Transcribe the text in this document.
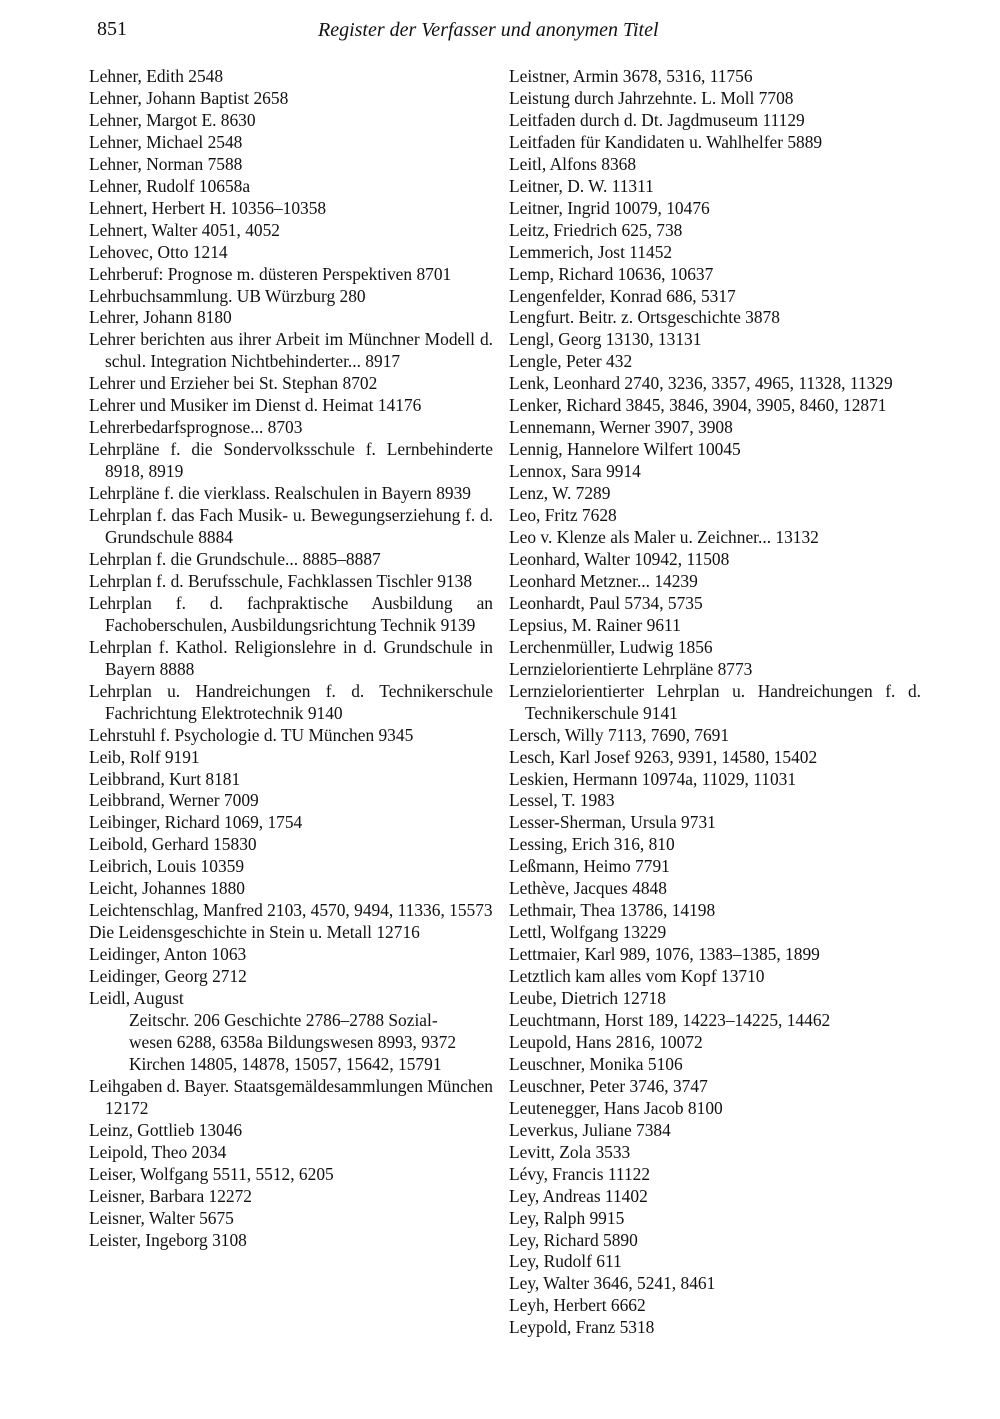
851	Register der Verfasser und anonymen Titel
Lehner, Edith 2548
Lehner, Johann Baptist 2658
Lehner, Margot E. 8630
Lehner, Michael 2548
Lehner, Norman 7588
Lehner, Rudolf 10658a
Lehnert, Herbert H. 10356–10358
Lehnert, Walter 4051, 4052
Lehovec, Otto 1214
Lehrberuf: Prognose m. düsteren Perspektiven 8701
Lehrbuchsammlung. UB Würzburg 280
Lehrer, Johann 8180
Lehrer berichten aus ihrer Arbeit im Münchner Modell d. schul. Integration Nichtbehinderter... 8917
Lehrer und Erzieher bei St. Stephan 8702
Lehrer und Musiker im Dienst d. Heimat 14176
Lehrerbedarfsprognose... 8703
Lehrpläne f. die Sondervolksschule f. Lernbehinderte 8918, 8919
Lehrpläne f. die vierklass. Realschulen in Bayern 8939
Lehrplan f. das Fach Musik- u. Bewegungserziehung f. d. Grundschule 8884
Lehrplan f. die Grundschule... 8885–8887
Lehrplan f. d. Berufsschule, Fachklassen Tischler 9138
Lehrplan f. d. fachpraktische Ausbildung an Fachoberschulen, Ausbildungsrichtung Technik 9139
Lehrplan f. Kathol. Religionslehre in d. Grundschule in Bayern 8888
Lehrplan u. Handreichungen f. d. Technikerschule Fachrichtung Elektrotechnik 9140
Lehrstuhl f. Psychologie d. TU München 9345
Leib, Rolf 9191
Leibbrand, Kurt 8181
Leibbrand, Werner 7009
Leibinger, Richard 1069, 1754
Leibold, Gerhard 15830
Leibrich, Louis 10359
Leicht, Johannes 1880
Leichtenschlag, Manfred 2103, 4570, 9494, 11336, 15573
Die Leidensgeschichte in Stein u. Metall 12716
Leidinger, Anton 1063
Leidinger, Georg 2712
Leidl, August
Zeitschr. 206 Geschichte 2786–2788 Sozial-
wesen 6288, 6358a Bildungswesen 8993, 9372
Kirchen 14805, 14878, 15057, 15642, 15791
Leihgaben d. Bayer. Staatsgemäldesammlungen München 12172
Leinz, Gottlieb 13046
Leipold, Theo 2034
Leiser, Wolfgang 5511, 5512, 6205
Leisner, Barbara 12272
Leisner, Walter 5675
Leister, Ingeborg 3108
Leistner, Armin 3678, 5316, 11756
Leistung durch Jahrzehnte. L. Moll 7708
Leitfaden durch d. Dt. Jagdmuseum 11129
Leitfaden für Kandidaten u. Wahlhelfer 5889
Leitl, Alfons 8368
Leitner, D. W. 11311
Leitner, Ingrid 10079, 10476
Leitz, Friedrich 625, 738
Lemmerich, Jost 11452
Lemp, Richard 10636, 10637
Lengenfelder, Konrad 686, 5317
Lengfurt. Beitr. z. Ortsgeschichte 3878
Lengl, Georg 13130, 13131
Lengle, Peter 432
Lenk, Leonhard 2740, 3236, 3357, 4965, 11328, 11329
Lenker, Richard 3845, 3846, 3904, 3905, 8460, 12871
Lennemann, Werner 3907, 3908
Lennig, Hannelore Wilfert 10045
Lennox, Sara 9914
Lenz, W. 7289
Leo, Fritz 7628
Leo v. Klenze als Maler u. Zeichner... 13132
Leonhard, Walter 10942, 11508
Leonhard Metzner... 14239
Leonhardt, Paul 5734, 5735
Lepsius, M. Rainer 9611
Lerchenmüller, Ludwig 1856
Lernzielorientierte Lehrpläne 8773
Lernzielorientierter Lehrplan u. Handreichungen f. d. Technikerschule 9141
Lersch, Willy 7113, 7690, 7691
Lesch, Karl Josef 9263, 9391, 14580, 15402
Leskien, Hermann 10974a, 11029, 11031
Lessel, T. 1983
Lesser-Sherman, Ursula 9731
Lessing, Erich 316, 810
Leßmann, Heimo 7791
Lethève, Jacques 4848
Lethmair, Thea 13786, 14198
Lettl, Wolfgang 13229
Lettmaier, Karl 989, 1076, 1383–1385, 1899
Letztlich kam alles vom Kopf 13710
Leube, Dietrich 12718
Leuchtmann, Horst 189, 14223–14225, 14462
Leupold, Hans 2816, 10072
Leuschner, Monika 5106
Leuschner, Peter 3746, 3747
Leutenegger, Hans Jacob 8100
Leverkus, Juliane 7384
Levitt, Zola 3533
Lévy, Francis 11122
Ley, Andreas 11402
Ley, Ralph 9915
Ley, Richard 5890
Ley, Rudolf 611
Ley, Walter 3646, 5241, 8461
Leyh, Herbert 6662
Leypold, Franz 5318
